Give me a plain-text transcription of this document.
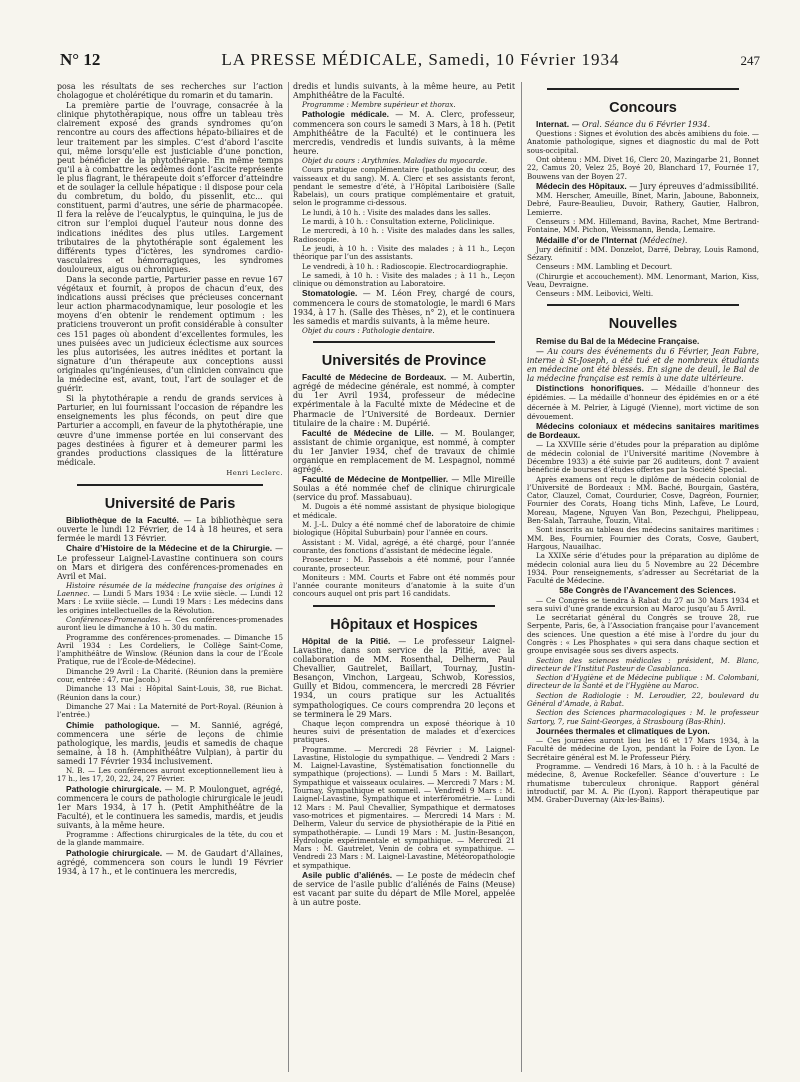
N° 12	LA PRESSE MÉDICALE, Samedi, 10 Février 1934	247

posa les résultats de ses recherches sur l’action cholagogue et cholérétique du romarin et du tamarin.

La première partie de l’ouvrage, consacrée à la clinique phytothérapique, nous offre un tableau très clairement exposé des grands syndromes qu’on rencontre au cours des affections hépato-biliaires et de leur traitement par les simples. C’est d’abord l’ascite qui, même lorsqu’elle est justiciable d’une ponction, peut bénéficier de la phytothérapie. En même temps qu’il a à combattre les œdèmes dont l’ascite représente le plus flagrant, le thérapeute doit s’efforcer d’atteindre et de soulager la cellule hépatique : il dispose pour cela du combretum, du boldo, du pissenlit, etc... qui constituent, parmi d’autres, une série de pharmacopée. Il fera la relève de l’eucalyptus, le quinquina, le jus de citron sur l’emploi duquel l’auteur nous donne des indications inédites des plus utiles. Largement tributaires de la phytothérapie sont également les différents types d’ictères, les syndromes cardio-vasculaires et hémorragiques, les syndromes douloureux, aigus ou chroniques.

Dans la seconde partie, Parturier passe en revue 167 végétaux et fournit, à propos de chacun d’eux, des indications aussi précises que précieuses concernant leur action pharmacodynamique, leur posologie et les moyens d’en obtenir le rendement optimum : les praticiens trouveront un profit considérable à consulter ces 151 pages où abondent d’excellentes formules, les unes puisées avec un judicieux éclectisme aux sources les plus autorisées, les autres inédites et portant la signature d’un thérapeute aux conceptions aussi originales qu’ingénieuses, d’un clinicien convaincu que la médecine est, avant, tout, l’art de soulager et de guérir.

Si la phytothérapie a rendu de grands services à Parturier, en lui fournissant l’occasion de répandre les enseignements les plus féconds, on peut dire que Parturier a accompli, en faveur de la phytothérapie, une œuvre d’une immense portée en lui conservant des pages destinées à figurer et à demeurer parmi les grandes productions classiques de la littérature médicale.

Henri Leclerc.
Université de Paris

Bibliothèque de la Faculté. — La bibliothèque sera ouverte le lundi 12 Février, de 14 à 18 heures, et sera fermée le mardi 13 Février.

Chaire d’Histoire de la Médecine et de la Chirurgie. — Le professeur Laignel-Lavastine continuera son cours on Mars et dirigera des conférences-promenades en Avril et Mai.

Histoire résumée de la médecine française des origines à Laennec. — Lundi 5 Mars 1934 : Le xviie siècle. — Lundi 12 Mars : Le xviiie siècle. — Lundi 19 Mars : Les médecins dans les origines intellectuelles de la Révolution.

Conférences-Promenades. — Ces conférences-promenades auront lieu le dimanche à 10 h. 30 du matin.

Programme des conférences-promenades. — Dimanche 15 Avril 1934 : Les Cordeliers, le Collège Saint-Come, l’amphithéâtre de Winslow. (Réunion dans la cour de l’École Pratique, rue de l’École-de-Médecine).

Dimanche 29 Avril : La Charité. (Réunion dans la première cour, entrée : 47, rue Jacob.)

Dimanche 13 Mai : Hôpital Saint-Louis, 38, rue Bichat. (Réunion dans la cour.)

Dimanche 27 Mai : La Maternité de Port-Royal. (Réunion à l’entrée.)

Chimie pathologique. — M. Sannié, agrégé, commencera une série de leçons de chimie pathologique, les mardis, jeudis et samedis de chaque semaine, à 18 h. (Amphithéâtre Vulpian), à partir du samedi 17 Février 1934 inclusivement.

N. B. — Les conférences auront exceptionnellement lieu à 17 h., les 17, 20, 22, 24, 27 Février.

Pathologie chirurgicale. — M. P. Moulonguet, agrégé, commencera le cours de pathologie chirurgicale le jeudi 1er Mars 1934, à 17 h. (Petit Amphithéâtre de la Faculté), et le continuera les samedis, mardis, et jeudis suivants, à la même heure.

Programme : Affections chirurgicales de la tête, du cou et de la glande mammaire.

Pathologie chirurgicale. — M. de Gaudart d’Allaines, agrégé, commencera son cours le lundi 19 Février 1934, à 17 h., et le continuera les mercredis,

dredis et lundis suivants, à la même heure, au Petit Amphithéâtre de la Faculté.

Programme : Membre supérieur et thorax.

Pathologie médicale. — M. A. Clerc, professeur, commencera son cours le samedi 3 Mars, à 18 h. (Petit Amphithéâtre de la Faculté) et le continuera les mercredis, vendredis et lundis suivants, à la même heure.

Objet du cours : Arythmies. Maladies du myocarde.

Cours pratique complémentaire (pathologie du cœur, des vaisseaux et du sang). M. A. Clerc et ses assistants feront, pendant le semestre d’été, à l’Hôpital Lariboisière (Salle Rabelais), un cours pratique complémentaire et gratuit, selon le programme ci-dessous.

Le lundi, à 10 h. : Visite des malades dans les salles.

Le mardi, à 10 h. : Consultation externe, Policlinique.

Le mercredi, à 10 h. : Visite des malades dans les salles, Radioscopie.

Le jeudi, à 10 h. : Visite des malades ; à 11 h., Leçon théorique par l’un des assistants.

Le vendredi, à 10 h. : Radioscopie. Electrocardiographie.

Le samedi, à 10 h. : Visite des malades ; à 11 h., Leçon clinique ou démonstration au Laboratoire.

Stomatologie. — M. Léon Frey, chargé de cours, commencera le cours de stomatologie, le mardi 6 Mars 1934, à 17 h. (Salle des Thèses, n° 2), et le continuera les samedis et mardis suivants, à la même heure.

Objet du cours : Pathologie dentaire.

Universités de Province

Faculté de Médecine de Bordeaux. — M. Aubertin, agrégé de médecine générale, est nommé, à compter du 1er Avril 1934, professeur de médecine expérimentale à la Faculté mixte de Médecine et de Pharmacie de l’Université de Bordeaux. Dernier titulaire de la chaire : M. Dupérié.

Faculté de Médecine de Lille. — M. Boulanger, assistant de chimie organique, est nommé, à compter du 1er Janvier 1934, chef de travaux de chimie organique en remplacement de M. Lespagnol, nommé agrégé.

Faculté de Médecine de Montpellier. — Mlle Mireille Soulas a été nommée chef de clinique chirurgicale (service du prof. Massabuau).

M. Dugois a été nommé assistant de physique biologique et médicale.

M. J.-L. Dulcy a été nommé chef de laboratoire de chimie biologique (Hôpital Suburbain) pour l’année en cours.

Assistant : M. Vidal, agrégé, a été chargé, pour l’année courante, des fonctions d’assistant de médecine légale.

Prosecteur : M. Passebois a été nommé, pour l’année courante, prosecteur.

Moniteurs : MM. Courts et Fabre ont été nommés pour l’année courante moniteurs d’anatomie à la suite d’un concours auquel ont pris part 16 candidats.

Hôpitaux et Hospices

Hôpital de la Pitié. — Le professeur Laignel-Lavastine, dans son service de la Pitié, avec la collaboration de MM. Rosenthal, Delherm, Paul Chevallier, Gautrelet, Baillart, Tournay, Justin-Besançon, Vinchon, Largeau, Schwob, Koressios, Guilly et Bidou, commencera, le mercredi 28 Février 1934, un cours pratique sur les Actualités sympathologiques. Ce cours comprendra 20 leçons et se terminera le 29 Mars.

Chaque leçon comprendra un exposé théorique à 10 heures suivi de présentation de malades et d’exercices pratiques.

Programme. — Mercredi 28 Février : M. Laignel-Lavastine, Histologie du sympathique. — Vendredi 2 Mars : M. Laignel-Lavastine, Systématisation fonctionnelle du sympathique (projections). — Lundi 5 Mars : M. Baillart, Sympathique et vaisseaux oculaires. — Mercredi 7 Mars : M. Tournay, Sympathique et sommeil. — Vendredi 9 Mars : M. Laignel-Lavastine, Sympathique et interférométrie. — Lundi 12 Mars : M. Paul Chevallier, Sympathique et dermatoses vaso-motrices et pigmentaires. — Mercredi 14 Mars : M. Delherm, Valeur du service de physiothérapie de la Pitié en sympathothérapie. — Lundi 19 Mars : M. Justin-Besançon, Hydrologie expérimentale et sympathique. — Mercredi 21 Mars : M. Gautrelet, Venin de cobra et sympathique. — Vendredi 23 Mars : M. Laignel-Lavastine, Météoropathologie et sympathique.

Asile public d’aliénés. — Le poste de médecin chef de service de l’asile public d’aliénés de Fains (Meuse) est vacant par suite du départ de Mlle Morel, appelée à un autre poste.

Concours

Internat. — Oral. Séance du 6 Février 1934.

Questions : Signes et évolution des abcès amibiens du foie. — Anatomie pathologique, signes et diagnostic du mal de Pott sous-occipital.

Ont obtenu : MM. Divet 16, Clerc 20, Mazingarbe 21, Bonnet 22, Camus 20, Velez 25, Boyé 20, Blanchard 17, Fournée 17, Bouwens van der Boyen 27.

Médecin des Hôpitaux. — Jury épreuves d’admissibilité.

MM. Herscher, Ameuille, Binet, Marin, Jaboune, Babonneix, Debré, Faure-Beaulieu, Duvoir, Rathery, Gautier, Halbron, Lemierre.

Censeurs : MM. Hillemand, Bavina, Rachet, Mme Bertrand-Fontaine, MM. Pichon, Weissmann, Benda, Lemaire.

Médaille d’or de l’Internat (Médecine).

Jury définitif : MM. Donzelot, Darré, Debray, Louis Ramond, Sézary.

Censeurs : MM. Lambling et Decourt.

(Chirurgie et accouchement). MM. Lenormant, Marion, Kiss, Veau, Devraigne.

Censeurs : MM. Leibovici, Welti.

Nouvelles

Remise du Bal de la Médecine Française.

— Au cours des événements du 6 Février, Jean Fabre, interne à St-Joseph, a été tué et de nombreux étudiants en médecine ont été blessés. En signe de deuil, le Bal de la médecine française est remis à une date ultérieure.

Distinctions honorifiques. — Médaille d’honneur des épidémies. — La médaille d’honneur des épidémies en or a été décernée à M. Pelrier, à Ligugé (Vienne), mort victime de son dévouement.

Médecins coloniaux et médecins sanitaires maritimes de Bordeaux.

— La XXVIIIe série d’études pour la préparation au diplôme de médecin colonial de l’Université maritime (Novembre à Décembre 1933) a été suivie par 26 auditeurs, dont 7 avaient bénéficié de bourses d’études offertes par la Société Special.

Après examens ont reçu le diplôme de médecin colonial de l’Université de Bordeaux : MM. Baché, Bourgain, Gastéra, Cator, Clauzel, Comat, Courdurier, Cosve, Dagréon, Fournier, Fournier des Corats, Hoang tichs Minh, Lafève, Le Lourd, Moreau, Magene, Nguyen Van Bon, Pezechgui, Phelippeau, Ben-Salah, Tarrauhe, Touzin, Vital.

Sont inscrits au tableau des médecins sanitaires maritimes : MM. Bes, Fournier, Fournier des Corats, Cosve, Gaubert, Hargous, Nauailhac.

La XXIXe série d’études pour la préparation au diplôme de médecin colonial aura lieu du 5 Novembre au 22 Décembre 1934. Pour renseignements, s’adresser au Secrétariat de la Faculté de Médecine.

58e Congrès de l’Avancement des Sciences.

— Ce Congrès se tiendra à Rabat du 27 au 30 Mars 1934 et sera suivi d’une grande excursion au Maroc jusqu’au 5 Avril.

Le secrétariat général du Congrès se trouve 28, rue Serpente, Paris, 6e, à l’Association française pour l’avancement des sciences. Une question a été mise à l’ordre du jour du Congrès : « Les Phosphates » qui sera dans chaque section et groupe envisagée sous ses divers aspects.

Section des sciences médicales : président, M. Blanc, directeur de l’Institut Pasteur de Casablanca.

Section d’Hygiène et de Médecine publique : M. Colombani, directeur de la Santé et de l’Hygiène au Maroc.

Section de Radiologie : M. Leroudier, 22, boulevard du Général d’Amade, à Rabat.

Section des Sciences pharmacologiques : M. le professeur Sartory, 7, rue Saint-Georges, à Strasbourg (Bas-Rhin).

Journées thermales et climatiques de Lyon.

— Ces journées auront lieu les 16 et 17 Mars 1934, à la Faculté de médecine de Lyon, pendant la Foire de Lyon. Le Secrétaire général est M. le Professeur Piéry.

Programme. — Vendredi 16 Mars, à 10 h. : à la Faculté de médecine, 8, Avenue Rockefeller. Séance d’ouverture : Le rhumatisme tuberculeux chronique. Rapport général introductif, par M. A. Pic (Lyon). Rapport thérapeutique par MM. Graber-Duvernay (Aix-les-Bains).
